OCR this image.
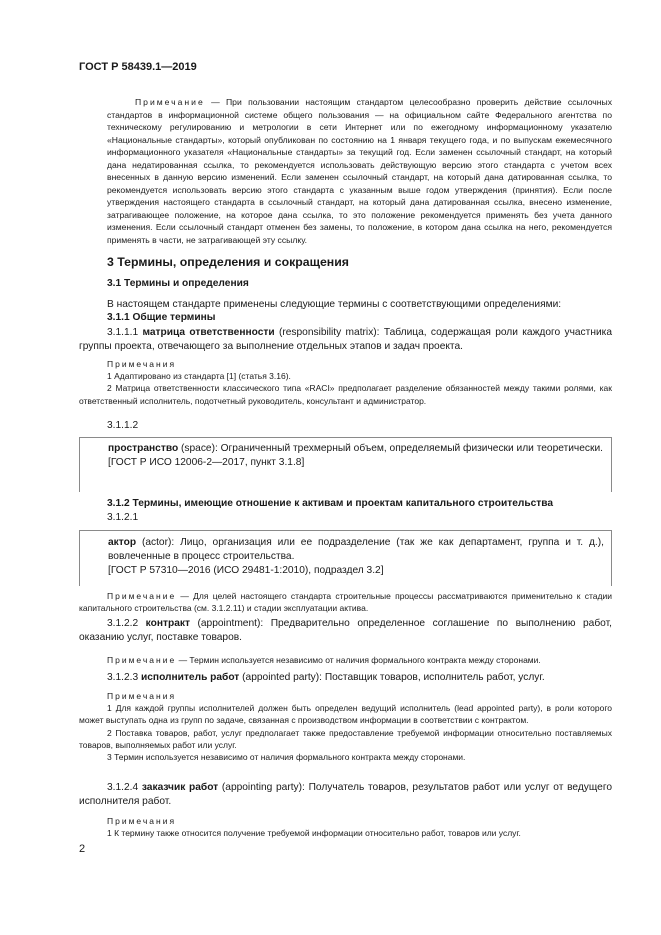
ГОСТ Р 58439.1—2019
Примечание — При пользовании настоящим стандартом целесообразно проверить действие ссылочных стандартов в информационной системе общего пользования — на официальном сайте Федерального агентства по техническому регулированию и метрологии в сети Интернет или по ежегодному информационному указателю «Национальные стандарты», который опубликован по состоянию на 1 января текущего года, и по выпускам ежемесячного информационного указателя «Национальные стандарты» за текущий год. Если заменен ссылочный стандарт, на который дана недатированная ссылка, то рекомендуется использовать действующую версию этого стандарта с учетом всех внесенных в данную версию изменений. Если заменен ссылочный стандарт, на который дана датированная ссылка, то рекомендуется использовать версию этого стандарта с указанным выше годом утверждения (принятия). Если после утверждения настоящего стандарта в ссылочный стандарт, на который дана датированная ссылка, внесено изменение, затрагивающее положение, на которое дана ссылка, то это положение рекомендуется применять без учета данного изменения. Если ссылочный стандарт отменен без замены, то положение, в котором дана ссылка на него, рекомендуется применять в части, не затрагивающей эту ссылку.
3 Термины, определения и сокращения
3.1 Термины и определения
В настоящем стандарте применены следующие термины с соответствующими определениями:
3.1.1 Общие термины
3.1.1.1 матрица ответственности (responsibility matrix): Таблица, содержащая роли каждого участника группы проекта, отвечающего за выполнение отдельных этапов и задач проекта.
Примечания
1 Адаптировано из стандарта [1] (статья 3.16).
2 Матрица ответственности классического типа «RACI» предполагает разделение обязанностей между такими ролями, как ответственный исполнитель, подотчетный руководитель, консультант и администратор.
3.1.1.2
пространство (space): Ограниченный трехмерный объем, определяемый физически или теоретически.
[ГОСТ Р ИСО 12006-2—2017, пункт 3.1.8]
3.1.2 Термины, имеющие отношение к активам и проектам капитального строительства
3.1.2.1
актор (actor): Лицо, организация или ее подразделение (так же как департамент, группа и т. д.), вовлеченные в процесс строительства.
[ГОСТ Р 57310—2016 (ИСО 29481-1:2010), подраздел 3.2]
Примечание — Для целей настоящего стандарта строительные процессы рассматриваются применительно к стадии капитального строительства (см. 3.1.2.11) и стадии эксплуатации актива.
3.1.2.2 контракт (appointment): Предварительно определенное соглашение по выполнению работ, оказанию услуг, поставке товаров.
Примечание — Термин используется независимо от наличия формального контракта между сторонами.
3.1.2.3 исполнитель работ (appointed party): Поставщик товаров, исполнитель работ, услуг.
Примечания
1 Для каждой группы исполнителей должен быть определен ведущий исполнитель (lead appointed party), в роли которого может выступать одна из групп по задаче, связанная с производством информации в соответствии с контрактом.
2 Поставка товаров, работ, услуг предполагает также предоставление требуемой информации относительно поставляемых товаров, выполняемых работ или услуг.
3 Термин используется независимо от наличия формального контракта между сторонами.
3.1.2.4 заказчик работ (appointing party): Получатель товаров, результатов работ или услуг от ведущего исполнителя работ.
Примечания
1 К термину также относится получение требуемой информации относительно работ, товаров или услуг.
2
